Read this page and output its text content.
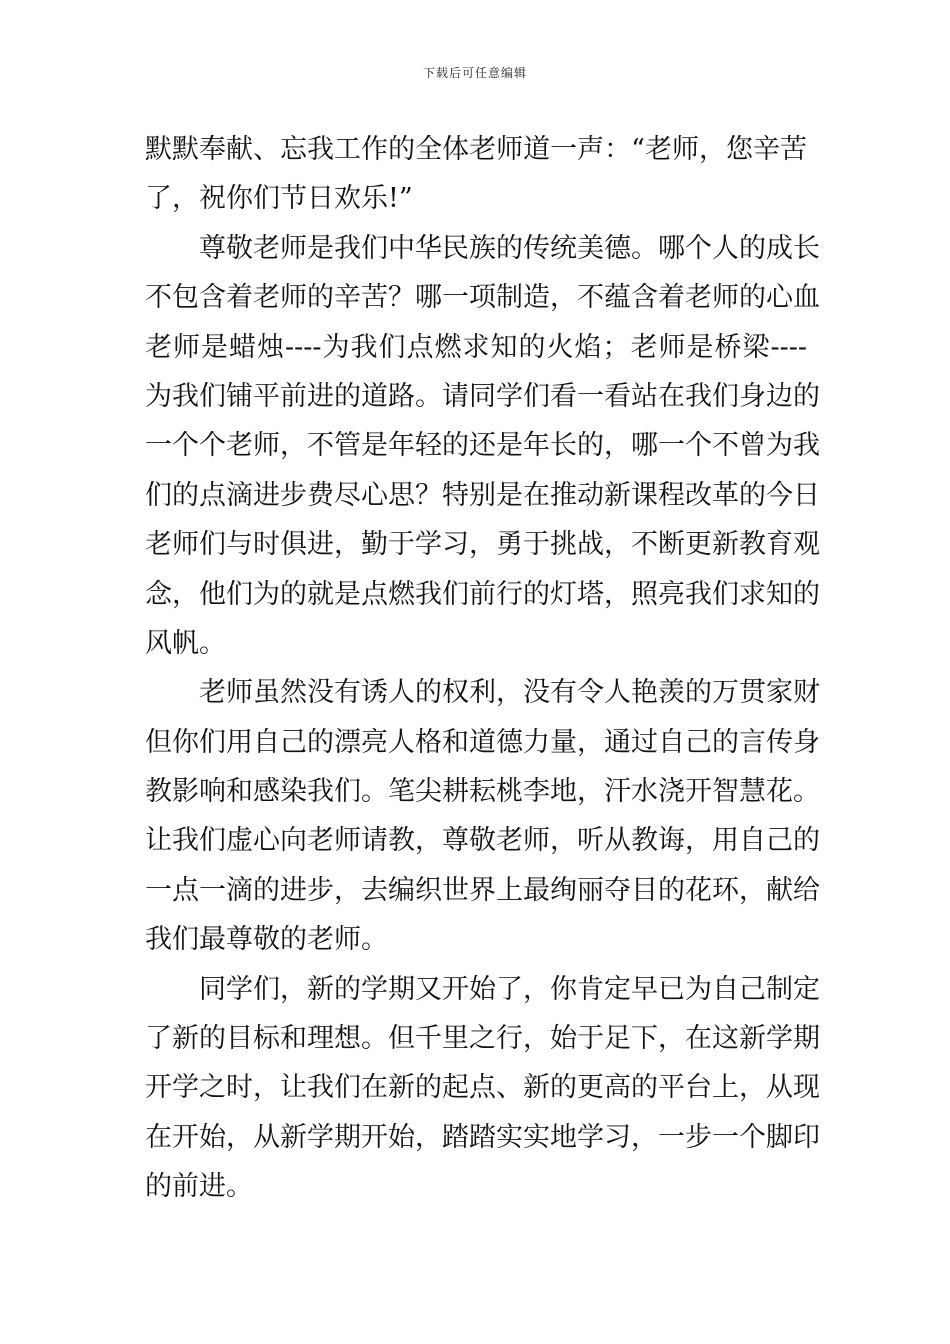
下载后可任意编辑
默默奉献、忘我工作的全体老师道一声：“老师，您辛苦
了，祝你们节日欢乐!”
尊敬老师是我们中华民族的传统美德。哪个人的成长
不包含着老师的辛苦？哪一项制造，不蕴含着老师的心血
老师是蜡烛----为我们点燃求知的火焰；老师是桥梁----
为我们铺平前进的道路。请同学们看一看站在我们身边的
一个个老师，不管是年轻的还是年长的，哪一个不曾为我
们的点滴进步费尽心思？特别是在推动新课程改革的今日
老师们与时俱进，勤于学习，勇于挑战，不断更新教育观
念，他们为的就是点燃我们前行的灯塔，照亮我们求知的
风帆。
老师虽然没有诱人的权利，没有令人艳羡的万贯家财
但你们用自己的漂亮人格和道德力量，通过自己的言传身
教影响和感染我们。笔尖耕耘桃李地，汗水浇开智慧花。
让我们虚心向老师请教，尊敬老师，听从教诲，用自己的
一点一滴的进步，去编织世界上最绚丽夺目的花环，献给
我们最尊敬的老师。
同学们，新的学期又开始了，你肯定早已为自己制定
了新的目标和理想。但千里之行，始于足下，在这新学期
开学之时，让我们在新的起点、新的更高的平台上，从现
在开始，从新学期开始，踏踏实实地学习，一步一个脚印
的前进。
